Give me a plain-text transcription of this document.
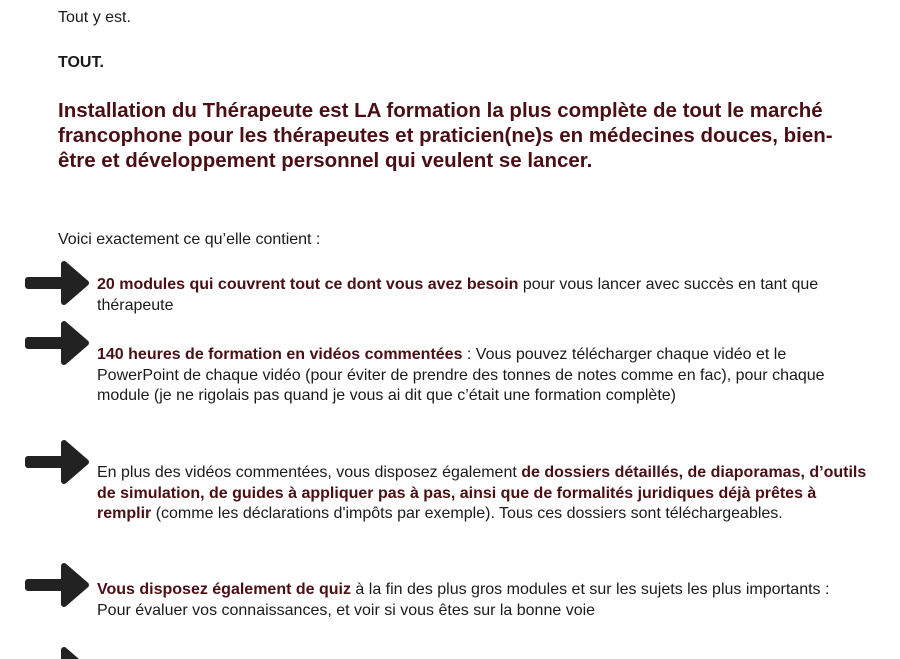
Tout y est.

TOUT.

Installation du Thérapeute est LA formation la plus complète de tout le marché francophone pour les thérapeutes et praticien(ne)s en médecines douces, bien-être et développement personnel qui veulent se lancer.

Voici exactement ce qu’elle contient :

20 modules qui couvrent tout ce dont vous avez besoin pour vous lancer avec succès en tant que thérapeute

140 heures de formation en vidéos commentées : Vous pouvez télécharger chaque vidéo et le PowerPoint de chaque vidéo (pour éviter de prendre des tonnes de notes comme en fac), pour chaque module (je ne rigolais pas quand je vous ai dit que c’était une formation complète)

En plus des vidéos commentées, vous disposez également de dossiers détaillés, de diaporamas, d’outils de simulation, de guides à appliquer pas à pas, ainsi que de formalités juridiques déjà prêtes à remplir (comme les déclarations d'impôts par exemple). Tous ces dossiers sont téléchargeables.

Vous disposez également de quiz à la fin des plus gros modules et sur les sujets les plus importants : Pour évaluer vos connaissances, et voir si vous êtes sur la bonne voie
